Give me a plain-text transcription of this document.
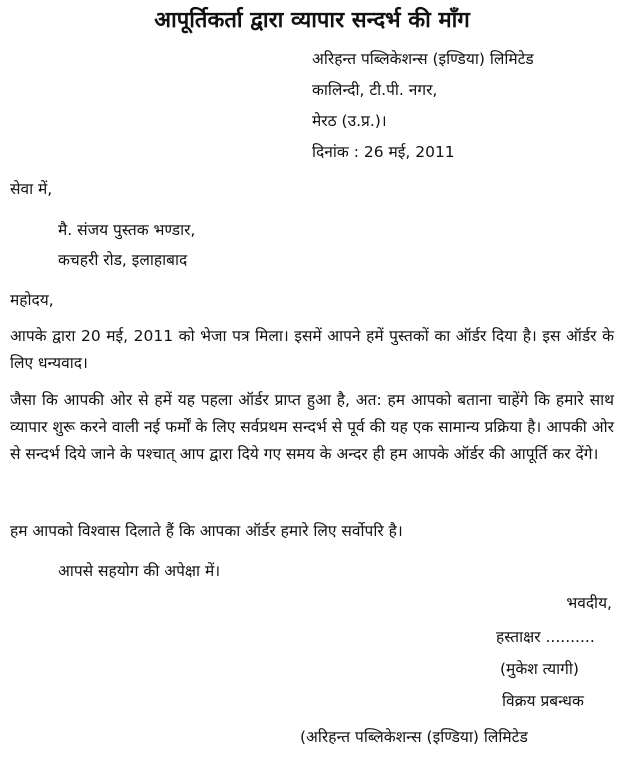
आपूर्तिकर्ता द्वारा व्यापार सन्दर्भ की माँग
अरिहन्त पब्लिकेशन्स (इण्डिया) लिमिटेड
कालिन्दी, टी.पी. नगर,
मेरठ (उ.प्र.)।
दिनांक : 26 मई, 2011
सेवा में,
मै. संजय पुस्तक भण्डार,
कचहरी रोड, इलाहाबाद
महोदय,
आपके द्वारा 20 मई, 2011 को भेजा पत्र मिला। इसमें आपने हमें पुस्तकों का ऑर्डर दिया है। इस ऑर्डर के लिए धन्यवाद।
जैसा कि आपकी ओर से हमें यह पहला ऑर्डर प्राप्त हुआ है, अत: हम आपको बताना चाहेंगे कि हमारे साथ व्यापार शुरू करने वाली नई फर्मों के लिए सर्वप्रथम सन्दर्भ से पूर्व की यह एक सामान्य प्रक्रिया है। आपकी ओर से सन्दर्भ दिये जाने के पश्चात् आप द्वारा दिये गए समय के अन्दर ही हम आपके ऑर्डर की आपूर्ति कर देंगे।
हम आपको विश्वास दिलाते हैं कि आपका ऑर्डर हमारे लिए सर्वोपरि है।
आपसे सहयोग की अपेक्षा में।
भवदीय,
हस्ताक्षर ..........
(मुकेश त्यागी)
विक्रय प्रबन्धक
(अरिहन्त पब्लिकेशन्स (इण्डिया) लिमिटेड
